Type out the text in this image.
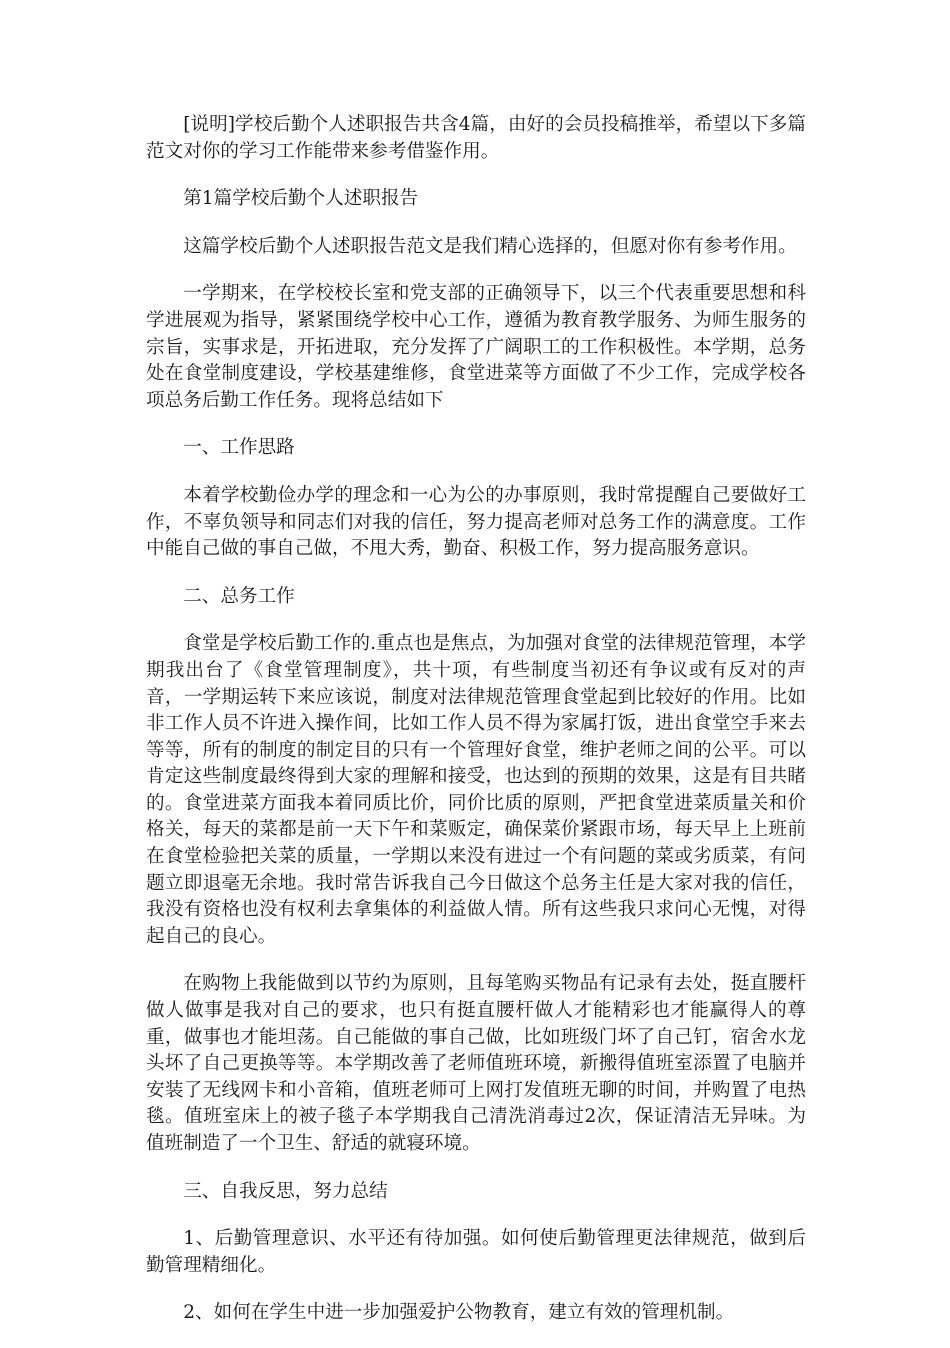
[说明]学校后勤个人述职报告共含4篇，由好的会员投稿推举，希望以下多篇范文对你的学习工作能带来参考借鉴作用。

第1篇学校后勤个人述职报告

这篇学校后勤个人述职报告范文是我们精心选择的，但愿对你有参考作用。

一学期来，在学校校长室和党支部的正确领导下，以三个代表重要思想和科学进展观为指导，紧紧围绕学校中心工作，遵循为教育教学服务、为师生服务的宗旨，实事求是，开拓进取，充分发挥了广阔职工的工作积极性。本学期，总务处在食堂制度建设，学校基建维修，食堂进菜等方面做了不少工作，完成学校各项总务后勤工作任务。现将总结如下

一、工作思路

本着学校勤俭办学的理念和一心为公的办事原则，我时常提醒自己要做好工作，不辜负领导和同志们对我的信任，努力提高老师对总务工作的满意度。工作中能自己做的事自己做，不甩大秀，勤奋、积极工作，努力提高服务意识。

二、总务工作

食堂是学校后勤工作的.重点也是焦点，为加强对食堂的法律规范管理，本学期我出台了《食堂管理制度》，共十项，有些制度当初还有争议或有反对的声音，一学期运转下来应该说，制度对法律规范管理食堂起到比较好的作用。比如非工作人员不许进入操作间，比如工作人员不得为家属打饭，进出食堂空手来去等等，所有的制度的制定目的只有一个管理好食堂，维护老师之间的公平。可以肯定这些制度最终得到大家的理解和接受，也达到的预期的效果，这是有目共睹的。食堂进菜方面我本着同质比价，同价比质的原则，严把食堂进菜质量关和价格关，每天的菜都是前一天下午和菜贩定，确保菜价紧跟市场，每天早上上班前在食堂检验把关菜的质量，一学期以来没有进过一个有问题的菜或劣质菜，有问题立即退毫无余地。我时常告诉我自己今日做这个总务主任是大家对我的信任，我没有资格也没有权利去拿集体的利益做人情。所有这些我只求问心无愧，对得起自己的良心。

在购物上我能做到以节约为原则，且每笔购买物品有记录有去处，挺直腰杆做人做事是我对自己的要求，也只有挺直腰杆做人才能精彩也才能赢得人的尊重，做事也才能坦荡。自己能做的事自己做，比如班级门坏了自己钉，宿舍水龙头坏了自己更换等等。本学期改善了老师值班环境，新搬得值班室添置了电脑并安装了无线网卡和小音箱，值班老师可上网打发值班无聊的时间，并购置了电热毯。值班室床上的被子毯子本学期我自己清洗消毒过2次，保证清洁无异味。为值班制造了一个卫生、舒适的就寝环境。

三、自我反思，努力总结

1、后勤管理意识、水平还有待加强。如何使后勤管理更法律规范，做到后勤管理精细化。

2、如何在学生中进一步加强爱护公物教育，建立有效的管理机制。
